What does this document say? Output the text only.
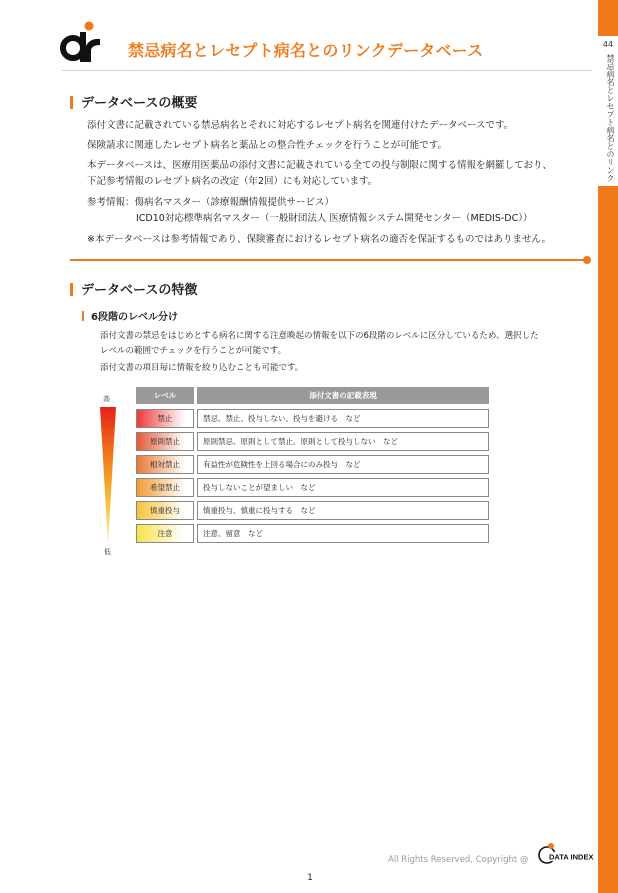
44
禁忌病名とレセプト病名とのリンク
禁忌病名とレセプト病名とのリンクデータベース
データベースの概要
添付文書に記載されている禁忌病名とそれに対応するレセプト病名を関連付けたデータベースです。
保険請求に関連したレセプト病名と薬品との整合性チェックを行うことが可能です。
本データベースは、医療用医薬品の添付文書に記載されている全ての投与制限に関する情報を網羅しており、
下記参考情報のレセプト病名の改定（年2回）にも対応しています。
参考情報：傷病名マスター（診療報酬情報提供サービス）
ICD10対応標準病名マスター（一般財団法人 医療情報システム開発センター（MEDIS-DC））
※本データベースは参考情報であり、保険審査におけるレセプト病名の適否を保証するものではありません。
データベースの特徴
6段階のレベル分け
添付文書の禁忌をはじめとする病名に関する注意喚起の情報を以下の6段階のレベルに区分しているため、選択した
レベルの範囲でチェックを行うことが可能です。
添付文書の項目毎に情報を絞り込むことも可能です。
高
低
レベル	添付文書の記載表現
禁止	禁忌、禁止、投与しない、投与を避ける　など
原則禁止	原則禁忌、原則として禁止、原則として投与しない　など
相対禁止	有益性が危険性を上回る場合にのみ投与　など
希望禁止	投与しないことが望ましい　など
慎重投与	慎重投与、慎重に投与する　など
注意	注意、留意　など
All Rights Reserved, Copyright @	DATA INDEX
1
